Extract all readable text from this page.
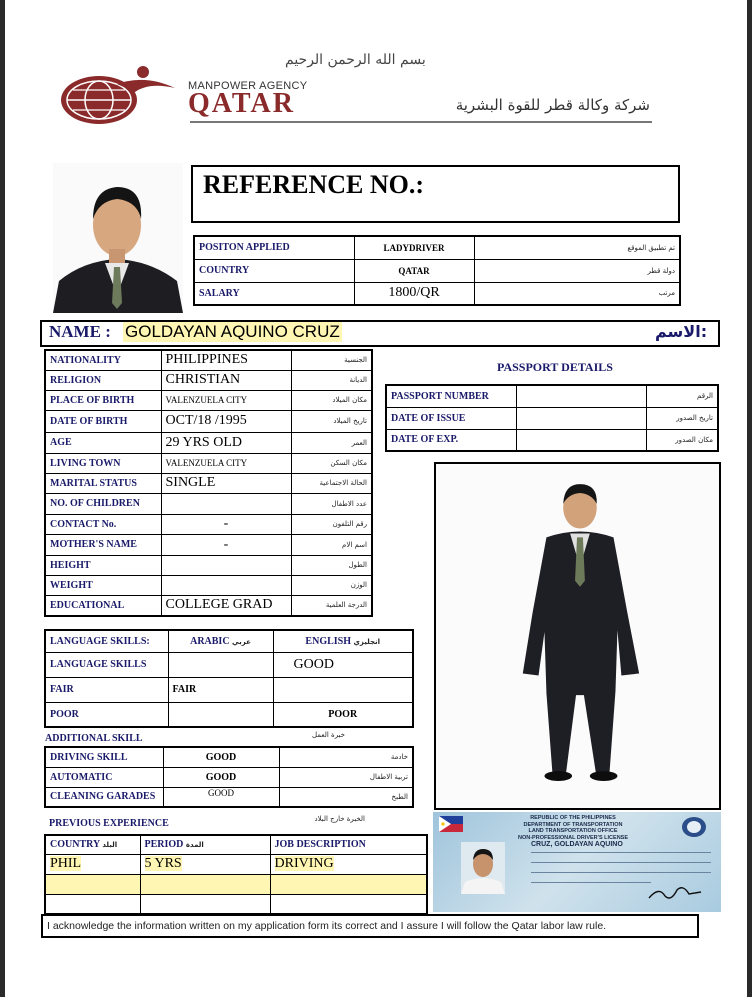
بسم الله الرحمن الرحيم
MANPOWER AGENCY
QATAR	شركة وكالة قطر للقوة البشرية
REFERENCE NO.:
POSITON APPLIED	LADYDRIVER	تم تطبيق الموقع
COUNTRY	QATAR	دولة قطر
SALARY	1800/QR	مرتب
NAME : GOLDAYAN AQUINO CRUZ	الاسم:
NATIONALITY	PHILIPPINES	الجنسية
RELIGION	CHRISTIAN	الديانة
PLACE OF BIRTH	VALENZUELA CITY	مكان الميلاد
DATE OF BIRTH	OCT/18 /1995	تاريخ الميلاد
AGE	29 YRS OLD	العمر
LIVING TOWN	VALENZUELA CITY	مكان السكن
MARITAL STATUS	SINGLE	الحالة الاجتماعية
NO. OF CHILDREN		عدد الاطفال
CONTACT No.	-	رقم التلفون
MOTHER'S NAME	-	اسم الام
HEIGHT		الطول
WEIGHT		الوزن
EDUCATIONAL	COLLEGE GRAD	الدرجة العلمية
PASSPORT DETAILS
PASSPORT NUMBER		الرقم
DATE OF ISSUE		تاريخ الصدور
DATE OF EXP.		مكان الصدور
LANGUAGE SKILLS:	ARABIC عربي	ENGLISH انجليزي
LANGUAGE SKILLS		GOOD
FAIR	FAIR	
POOR		POOR
ADDITIONAL SKILL	خبرة العمل
DRIVING SKILL	GOOD	خادمة
AUTOMATIC	GOOD	تربية الاطفال
CLEANING GARADES	GOOD	الطبخ
PREVIOUS EXPERIENCE	الخبرة خارج البلاد
COUNTRY البلد	PERIOD المدة	JOB DESCRIPTION
PHIL	5 YRS	DRIVING

REPUBLIC OF THE PHILIPPINES
DEPARTMENT OF TRANSPORTATION
LAND TRANSPORTATION OFFICE
NON-PROFESSIONAL DRIVER'S LICENSE
CRUZ, GOLDAYAN AQUINO
I acknowledge the information written on my application form its correct and I assure I will follow the Qatar labor law rule.
